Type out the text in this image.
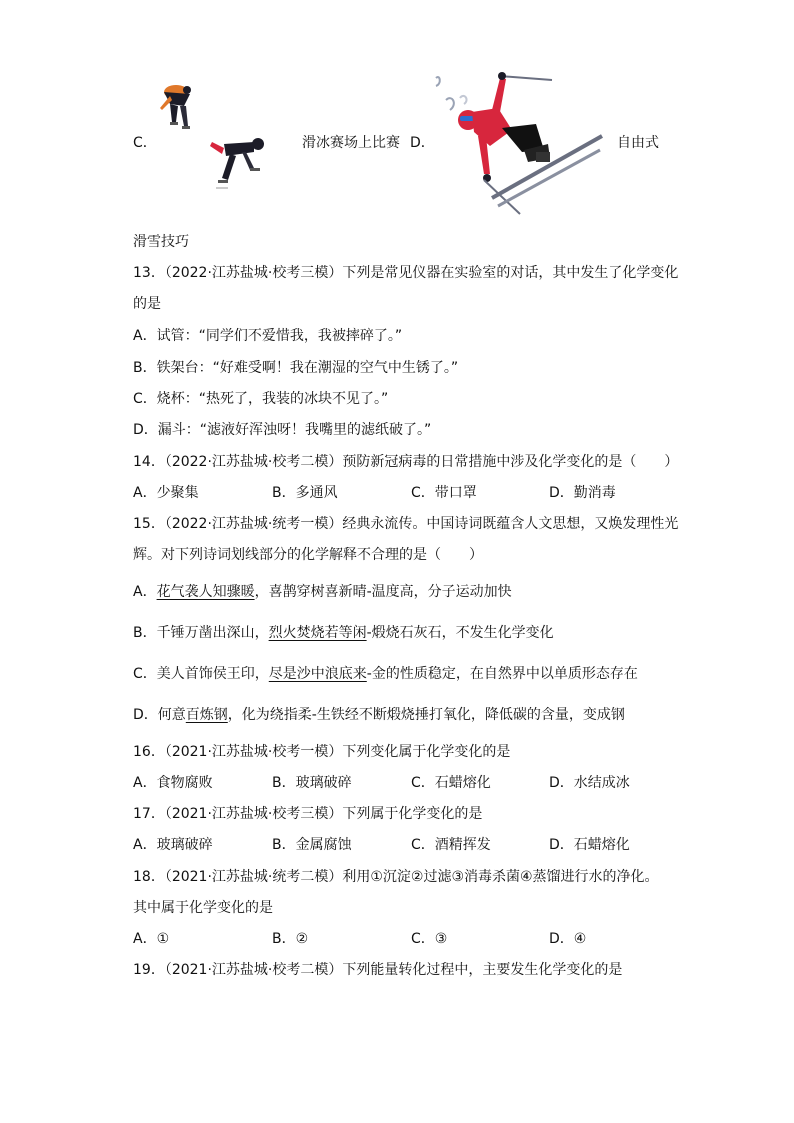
C．	滑冰赛场上比赛 D．	自由式
滑雪技巧
13．（2022·江苏盐城·校考三模）下列是常见仪器在实验室的对话，其中发生了化学变化
的是
A．试管：“同学们不爱惜我，我被摔碎了。”
B．铁架台：“好难受啊！我在潮湿的空气中生锈了。”
C．烧杯：“热死了，我装的冰块不见了。”
D．漏斗：“滤液好浑浊呀！我嘴里的滤纸破了。”
14．（2022·江苏盐城·校考二模）预防新冠病毒的日常措施中涉及化学变化的是（　　）
A．少聚集	B．多通风	C．带口罩	D．勤消毒
15．（2022·江苏盐城·统考一模）经典永流传。中国诗词既蕴含人文思想，又焕发理性光
辉。对下列诗词划线部分的化学解释不合理的是（　　）
A．花气袭人知骤暖，喜鹊穿树喜新晴-温度高，分子运动加快
B．千锤万凿出深山，烈火焚烧若等闲-煅烧石灰石，不发生化学变化
C．美人首饰侯王印，尽是沙中浪底来-金的性质稳定，在自然界中以单质形态存在
D．何意百炼钢，化为绕指柔-生铁经不断煅烧捶打氧化，降低碳的含量，变成钢
16．（2021·江苏盐城·校考一模）下列变化属于化学变化的是
A．食物腐败	B．玻璃破碎	C．石蜡熔化	D．水结成冰
17．（2021·江苏盐城·校考三模）下列属于化学变化的是
A．玻璃破碎	B．金属腐蚀	C．酒精挥发	D．石蜡熔化
18．（2021·江苏盐城·统考二模）利用①沉淀②过滤③消毒杀菌④蒸馏进行水的净化。
其中属于化学变化的是
A．①	B．②	C．③	D．④
19．（2021·江苏盐城·校考二模）下列能量转化过程中，主要发生化学变化的是
